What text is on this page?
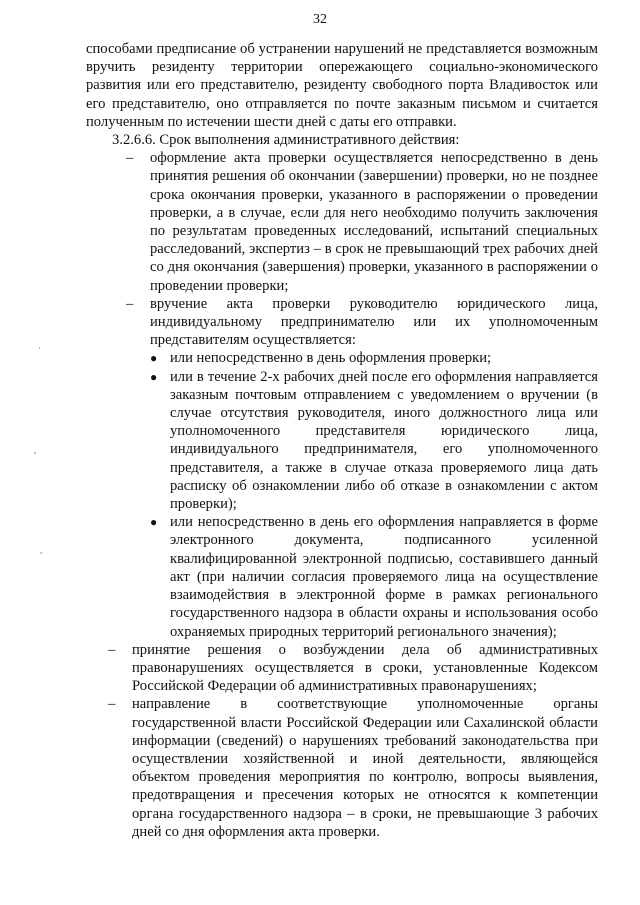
32
·
,
,

способами предписание об устранении нарушений не представляется возможным вручить резиденту территории опережающего социально-экономического развития или его представителю, резиденту свободного порта Владивосток или его представителю, оно отправляется по почте заказным письмом и считается полученным по истечении шести дней с даты его отправки.

3.2.6.6. Срок выполнения административного действия:

– оформление акта проверки осуществляется непосредственно в день принятия решения об окончании (завершении) проверки, но не позднее срока окончания проверки, указанного в распоряжении о проведении проверки, а в случае, если для него необходимо получить заключения по результатам проведенных исследований, испытаний специальных расследований, экспертиз – в срок не превышающий трех рабочих дней со дня окончания (завершения) проверки, указанного в распоряжении о проведении проверки;
– вручение акта проверки руководителю юридического лица, индивидуальному предпринимателю или их уполномоченным представителям осуществляется:
● или непосредственно в день оформления проверки;
● или в течение 2-х рабочих дней после его оформления направляется заказным почтовым отправлением с уведомлением о вручении (в случае отсутствия руководителя, иного должностного лица или уполномоченного представителя юридического лица, индивидуального предпринимателя, его уполномоченного представителя, а также в случае отказа проверяемого лица дать расписку об ознакомлении либо об отказе в ознакомлении с актом проверки);
● или непосредственно в день его оформления направляется в форме электронного документа, подписанного усиленной квалифицированной электронной подписью, составившего данный акт (при наличии согласия проверяемого лица на осуществление взаимодействия в электронной форме в рамках регионального государственного надзора в области охраны и использования особо охраняемых природных территорий регионального значения);
– принятие решения о возбуждении дела об административных правонарушениях осуществляется в сроки, установленные Кодексом Российской Федерации об административных правонарушениях;
– направление в соответствующие уполномоченные органы государственной власти Российской Федерации или Сахалинской области информации (сведений) о нарушениях требований законодательства при осуществлении хозяйственной и иной деятельности, являющейся объектом проведения мероприятия по контролю, вопросы выявления, предотвращения и пресечения которых не относятся к компетенции органа государственного надзора – в сроки, не превышающие 3 рабочих дней со дня оформления акта проверки.
